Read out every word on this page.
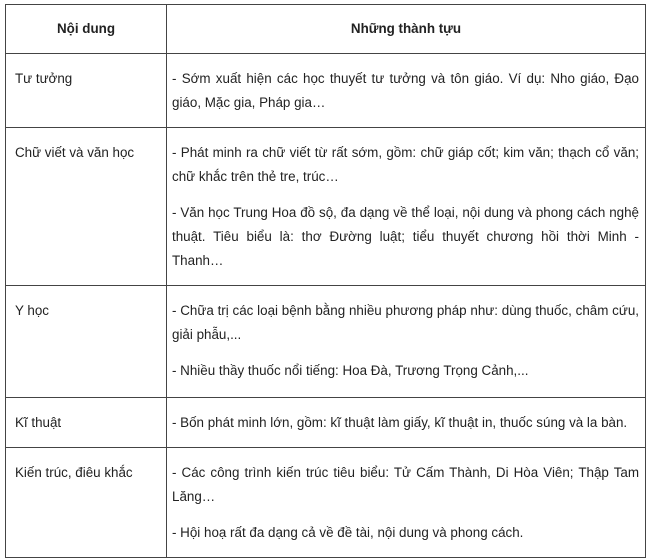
Nội dung	Những thành tựu
Tư tưởng	- Sớm xuất hiện các học thuyết tư tưởng và tôn giáo. Ví dụ: Nho giáo, Đạo giáo, Mặc gia, Pháp gia…

Chữ viết và văn học	- Phát minh ra chữ viết từ rất sớm, gồm: chữ giáp cốt; kim văn; thạch cổ văn; chữ khắc trên thẻ tre, trúc…

- Văn học Trung Hoa đồ sộ, đa dạng về thể loại, nội dung và phong cách nghệ thuật. Tiêu biểu là: thơ Đường luật; tiểu thuyết chương hồi thời Minh - Thanh…

Y học	- Chữa trị các loại bệnh bằng nhiều phương pháp như: dùng thuốc, châm cứu, giải phẫu,...

- Nhiều thầy thuốc nổi tiếng: Hoa Đà, Trương Trọng Cảnh,...

Kĩ thuật	- Bốn phát minh lớn, gồm: kĩ thuật làm giấy, kĩ thuật in, thuốc súng và la bàn.

Kiến trúc, điêu khắc	- Các công trình kiến trúc tiêu biểu: Tử Cấm Thành, Di Hòa Viên; Thập Tam Lăng…

- Hội hoạ rất đa dạng cả về đề tài, nội dung và phong cách.
